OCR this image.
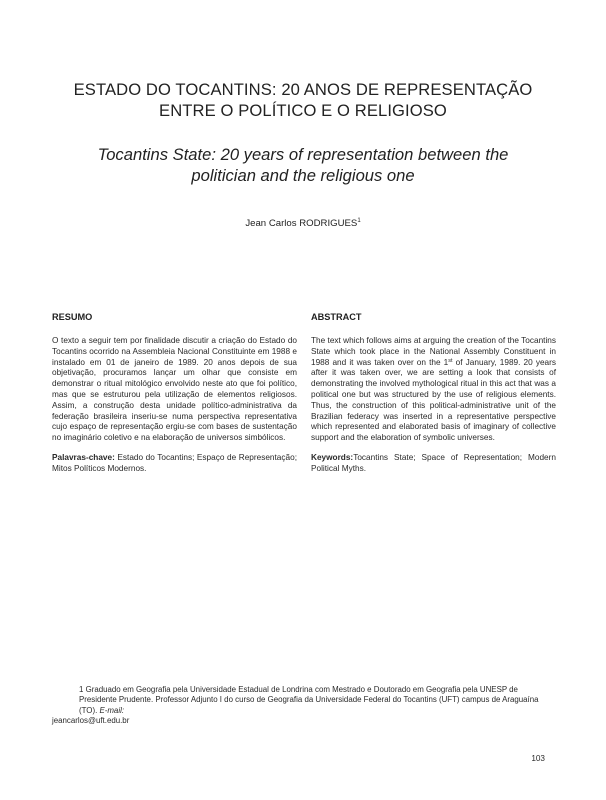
ESTADO DO TOCANTINS: 20 ANOS DE REPRESENTAÇÃO
ENTRE O POLÍTICO E O RELIGIOSO
Tocantins State: 20 years of representation between the
politician and the religious one
Jean Carlos RODRIGUES$^1$
RESUMO

O texto a seguir tem por finalidade discutir a criação do Estado do Tocantins ocorrido na Assembleia Nacional Constituinte em 1988 e instalado em 01 de janeiro de 1989. 20 anos depois de sua objetivação, procuramos lançar um olhar que consiste em demonstrar o ritual mitológico envolvido neste ato que foi político, mas que se estruturou pela utilização de elementos religiosos. Assim, a construção desta unidade político-administrativa da federação brasileira inseriu-se numa perspectiva representativa cujo espaço de representação ergiu-se com bases de sustentação no imaginário coletivo e na elaboração de universos simbólicos.

Palavras-chave: Estado do Tocantins; Espaço de Representação; Mitos Políticos Modernos.

ABSTRACT

The text which follows aims at arguing the creation of the Tocantins State which took place in the National Assembly Constituent in 1988 and it was taken over on the 1st of January, 1989. 20 years after it was taken over, we are setting a look that consists of demonstrating the involved mythological ritual in this act that was a political one but was structured by the use of religious elements. Thus, the construction of this political-administrative unit of the Brazilian federacy was inserted in a representative perspective which represented and elaborated basis of imaginary of collective support and the elaboration of symbolic universes.

Keywords:Tocantins State; Space of Representation; Modern Political Myths.

1 Graduado em Geografia pela Universidade Estadual de Londrina com Mestrado e Doutorado em Geografia pela UNESP de Presidente Prudente. Professor Adjunto I do curso de Geografia da Universidade Federal do Tocantins (UFT) campus de Araguaína (TO). E-mail:
jeancarlos@uft.edu.br
103
